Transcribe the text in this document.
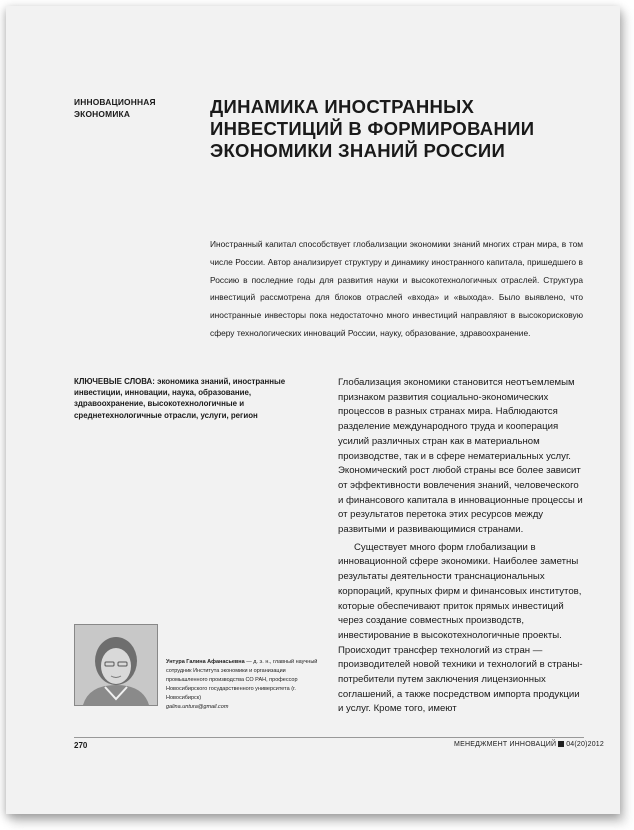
ИННОВАЦИОННАЯ ЭКОНОМИКА	ДИНАМИКА ИНОСТРАННЫХ ИНВЕСТИЦИЙ В ФОРМИРОВАНИИ ЭКОНОМИКИ ЗНАНИЙ РОССИИ
Иностранный капитал способствует глобализации экономики знаний многих стран мира, в том числе России. Автор анализирует структуру и динамику иностранного капитала, пришедшего в Россию в последние годы для развития науки и высокотехнологичных отраслей. Структура инвестиций рассмотрена для блоков отраслей «входа» и «выхода». Было выявлено, что иностранные инвесторы пока недостаточно много инвестиций направляют в высокорисковую сферу технологических инноваций России, науку, образование, здравоохранение.
КЛЮЧЕВЫЕ СЛОВА: экономика знаний, иностранные инвестиции, инновации, наука, образование, здравоохранение, высокотехнологичные и среднетехнологичные отрасли, услуги, регион

Глобализация экономики становится неотъемлемым признаком развития социально-экономических процессов в разных странах мира. Наблюдаются разделение международного труда и кооперация усилий различных стран как в материальном производстве, так и в сфере нематериальных услуг. Экономический рост любой страны все более зависит от эффективности вовлечения знаний, человеческого и финансового капитала в инновационные процессы и от результатов перетока этих ресурсов между развитыми и развивающимися странами.

Существует много форм глобализации в инновационной сфере экономики. Наиболее заметны результаты деятельности транснациональных корпораций, крупных фирм и финансовых институтов, которые обеспечивают приток прямых инвестиций через создание совместных производств, инвестирование в высокотехнологичные проекты. Происходит трансфер технологий из стран — производителей новой техники и технологий в страны-потребители путем заключения лицензионных соглашений, а также посредством импорта продукции и услуг. Кроме того, имеют

Унтура Галина Афанасьевна — д. э. н., главный научный сотрудник Института экономики и организации промышленного производства СО РАН, профессор Новосибирского государственного университета (г. Новосибирск)
galina.untura@gmail.com
270	МЕНЕДЖМЕНТ ИННОВАЦИЙ 04(20)2012
